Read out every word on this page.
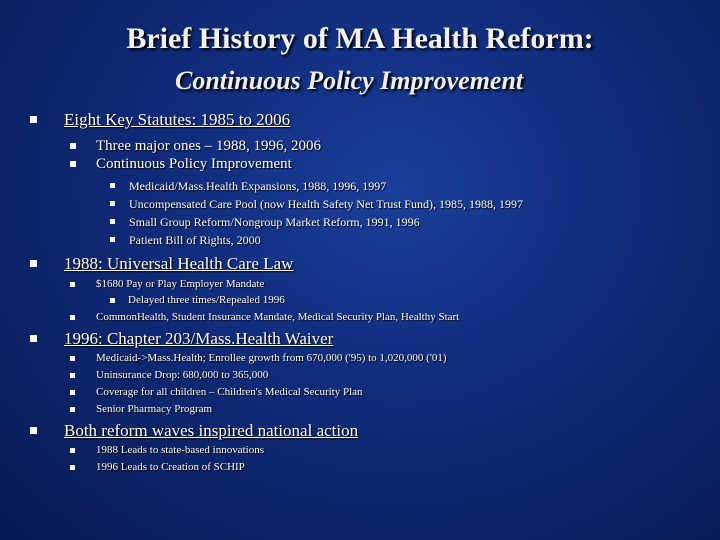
Brief History of MA Health Reform:
Continuous Policy Improvement
Eight Key Statutes: 1985 to 2006
Three major ones – 1988, 1996, 2006
Continuous Policy Improvement
Medicaid/Mass.Health Expansions, 1988, 1996, 1997
Uncompensated Care Pool (now Health Safety Net Trust Fund), 1985, 1988, 1997
Small Group Reform/Nongroup Market Reform, 1991, 1996
Patient Bill of Rights, 2000
1988: Universal Health Care Law
$1680 Pay or Play Employer Mandate
Delayed three times/Repealed 1996
CommonHealth, Student Insurance Mandate, Medical Security Plan, Healthy Start
1996: Chapter 203/Mass.Health Waiver
Medicaid->Mass.Health; Enrollee growth from 670,000 ('95) to 1,020,000 ('01)
Uninsurance Drop: 680,000 to 365,000
Coverage for all children – Children's Medical Security Plan
Senior Pharmacy Program
Both reform waves inspired national action
1988 Leads to state-based innovations
1996 Leads to Creation of SCHIP
